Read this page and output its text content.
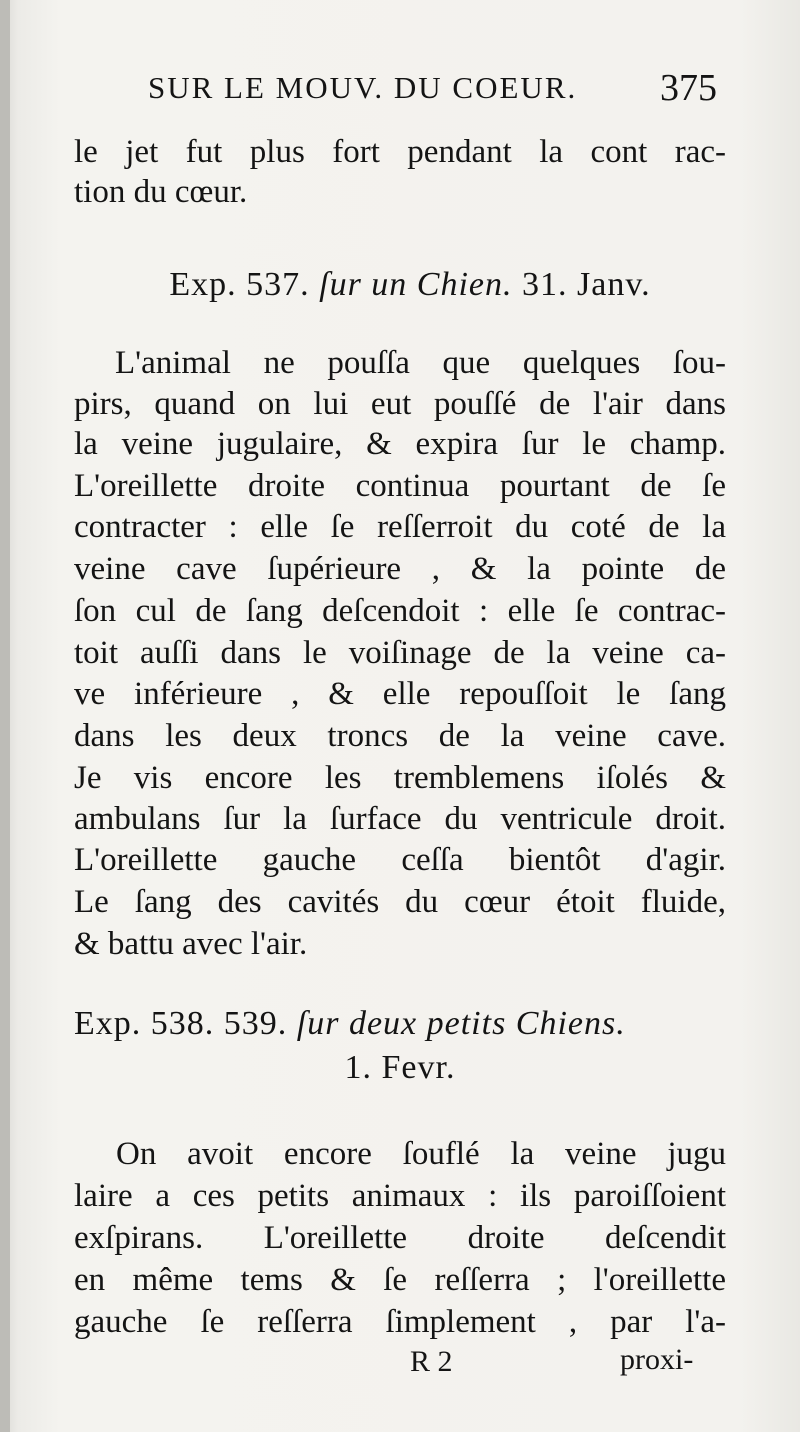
SUR LE MOUV. DU COEUR.	375
le jet fut plus fort pendant la cont rac-
tion du cœur.
Exp. 537. ſur un Chien. 31. Janv.
L'animal ne pouſſa que quelques ſou-
pirs, quand on lui eut pouſſé de l'air dans
la veine jugulaire, & expira ſur le champ.
L'oreillette droite continua pourtant de ſe
contracter : elle ſe reſſerroit du coté de la
veine cave ſupérieure , & la pointe de
ſon cul de ſang deſcendoit : elle ſe contrac-
toit auſſi dans le voiſinage de la veine ca-
ve inférieure , & elle repouſſoit le ſang
dans les deux troncs de la veine cave.
Je vis encore les tremblemens iſolés &
ambulans ſur la ſurface du ventricule droit.
L'oreillette gauche ceſſa bientôt d'agir.
Le ſang des cavités du cœur étoit fluide,
& battu avec l'air.
Exp. 538. 539. ſur deux petits Chiens.
1. Fevr.
On avoit encore ſouflé la veine jugu
laire a ces petits animaux : ils paroiſſoient
exſpirans. L'oreillette droite deſcendit
en même tems & ſe reſſerra ; l'oreillette
gauche ſe reſſerra ſimplement , par l'a-
R 2	proxi-
